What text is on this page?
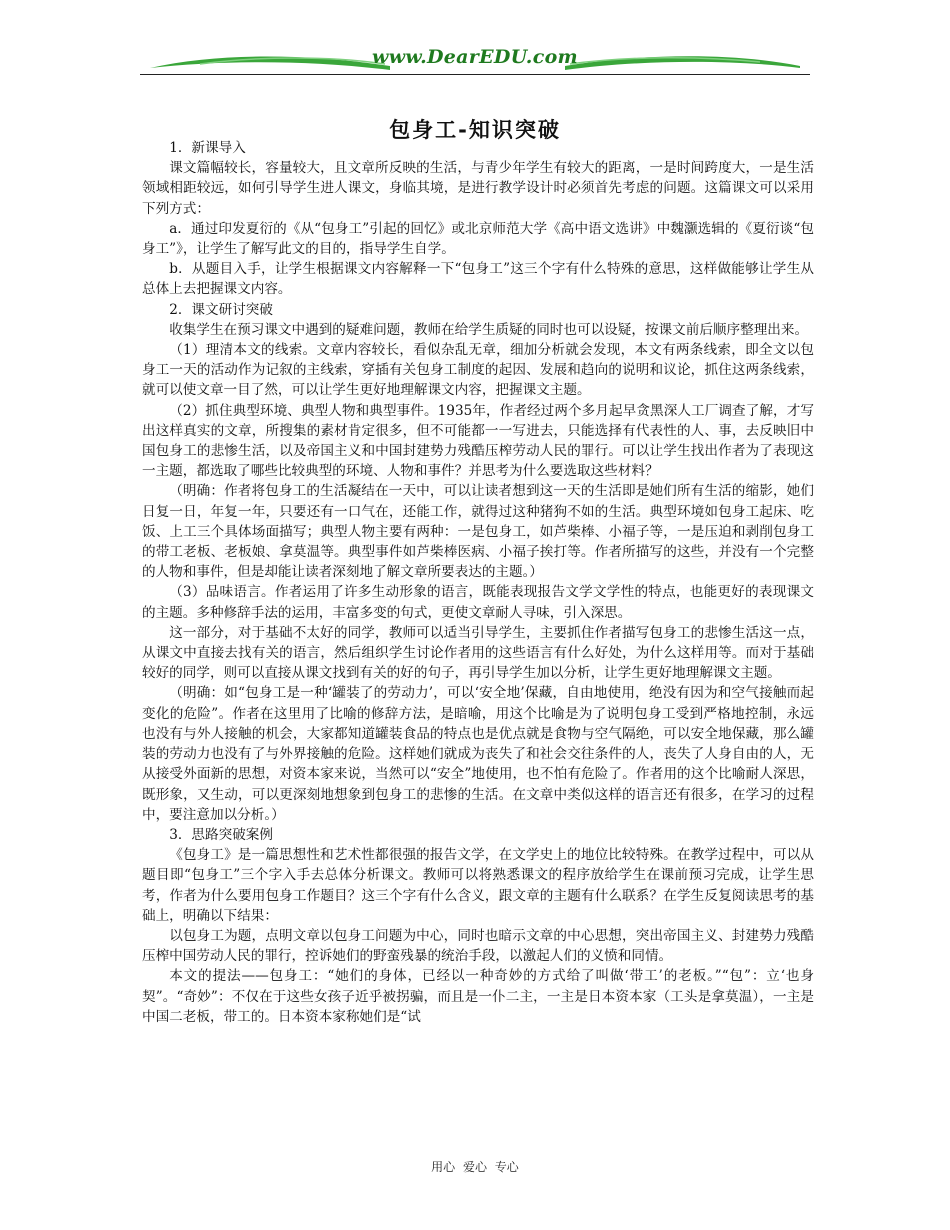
www.DearEDU.com
包身工-知识突破

1．新课导入

课文篇幅较长，容量较大，且文章所反映的生活，与青少年学生有较大的距离，一是时间跨度大，一是生活领域相距较远，如何引导学生进人课文，身临其境，是进行教学设计时必须首先考虑的问题。这篇课文可以采用下列方式：

a．通过印发夏衍的《从“包身工”引起的回忆》或北京师范大学《高中语文选讲》中魏灏选辑的《夏衍谈“包身工”》，让学生了解写此文的目的，指导学生自学。

b．从题目入手，让学生根据课文内容解释一下“包身工”这三个字有什么特殊的意思，这样做能够让学生从总体上去把握课文内容。

2．课文研讨突破

收集学生在预习课文中遇到的疑难问题，教师在给学生质疑的同时也可以设疑，按课文前后顺序整理出来。

（1）理清本文的线索。文章内容较长，看似杂乱无章，细加分析就会发现，本文有两条线索，即全文以包身工一天的活动作为记叙的主线索，穿插有关包身工制度的起因、发展和趋向的说明和议论，抓住这两条线索，就可以使文章一目了然，可以让学生更好地理解课文内容，把握课文主题。

（2）抓住典型环境、典型人物和典型事件。1935年，作者经过两个多月起早贪黑深人工厂调查了解，才写出这样真实的文章，所搜集的素材肯定很多，但不可能都一一写进去，只能选择有代表性的人、事，去反映旧中国包身工的悲惨生活，以及帝国主义和中国封建势力残酷压榨劳动人民的罪行。可以让学生找出作者为了表现这一主题，都选取了哪些比较典型的环境、人物和事件？并思考为什么要选取这些材料？

（明确：作者将包身工的生活凝结在一天中，可以让读者想到这一天的生活即是她们所有生活的缩影，她们日复一日，年复一年，只要还有一口气在，还能工作，就得过这种猪狗不如的生活。典型环境如包身工起床、吃饭、上工三个具体场面描写；典型人物主要有两种：一是包身工，如芦柴棒、小福子等，一是压迫和剥削包身工的带工老板、老板娘、拿莫温等。典型事件如芦柴棒医病、小福子挨打等。作者所描写的这些，并没有一个完整的人物和事件，但是却能让读者深刻地了解文章所要表达的主题。）

（3）品味语言。作者运用了许多生动形象的语言，既能表现报告文学文学性的特点，也能更好的表现课文的主题。多种修辞手法的运用，丰富多变的句式，更使文章耐人寻味，引入深思。

这一部分，对于基础不太好的同学，教师可以适当引导学生，主要抓住作者描写包身工的悲惨生活这一点，从课文中直接去找有关的语言，然后组织学生讨论作者用的这些语言有什么好处，为什么这样用等。而对于基础较好的同学，则可以直接从课文找到有关的好的句子，再引导学生加以分析，让学生更好地理解课文主题。

（明确：如“包身工是一种‘罐装了的劳动力’，可以‘安全地’保藏，自由地使用，绝没有因为和空气接触而起变化的危险”。作者在这里用了比喻的修辞方法，是暗喻，用这个比喻是为了说明包身工受到严格地控制，永远也没有与外人接触的机会，大家都知道罐装食品的特点也是优点就是食物与空气隔绝，可以安全地保藏，那么罐装的劳动力也没有了与外界接触的危险。这样她们就成为丧失了和社会交往条件的人，丧失了人身自由的人，无从接受外面新的思想，对资本家来说，当然可以“安全”地使用，也不怕有危险了。作者用的这个比喻耐人深思，既形象，又生动，可以更深刻地想象到包身工的悲惨的生活。在文章中类似这样的语言还有很多，在学习的过程中，要注意加以分析。）

3．思路突破案例

《包身工》是一篇思想性和艺术性都很强的报告文学，在文学史上的地位比较特殊。在教学过程中，可以从题目即“包身工”三个字入手去总体分析课文。教师可以将熟悉课文的程序放给学生在课前预习完成，让学生思考，作者为什么要用包身工作题目？这三个字有什么含义，跟文章的主题有什么联系？在学生反复阅读思考的基础上，明确以下结果：

以包身工为题，点明文章以包身工问题为中心，同时也暗示文章的中心思想，突出帝国主义、封建势力残酷压榨中国劳动人民的罪行，控诉她们的野蛮残暴的统治手段，以激起人们的义愤和同情。

本文的提法——包身工：“她们的身体，已经以一种奇妙的方式给了叫做‘带工’的老板。”“包”：立‘也身契”。“奇妙”：不仅在于这些女孩子近乎被拐骗，而且是一仆二主，一主是日本资本家（工头是拿莫温），一主是中国二老板，带工的。日本资本家称她们是“试

用心 爱心 专心
